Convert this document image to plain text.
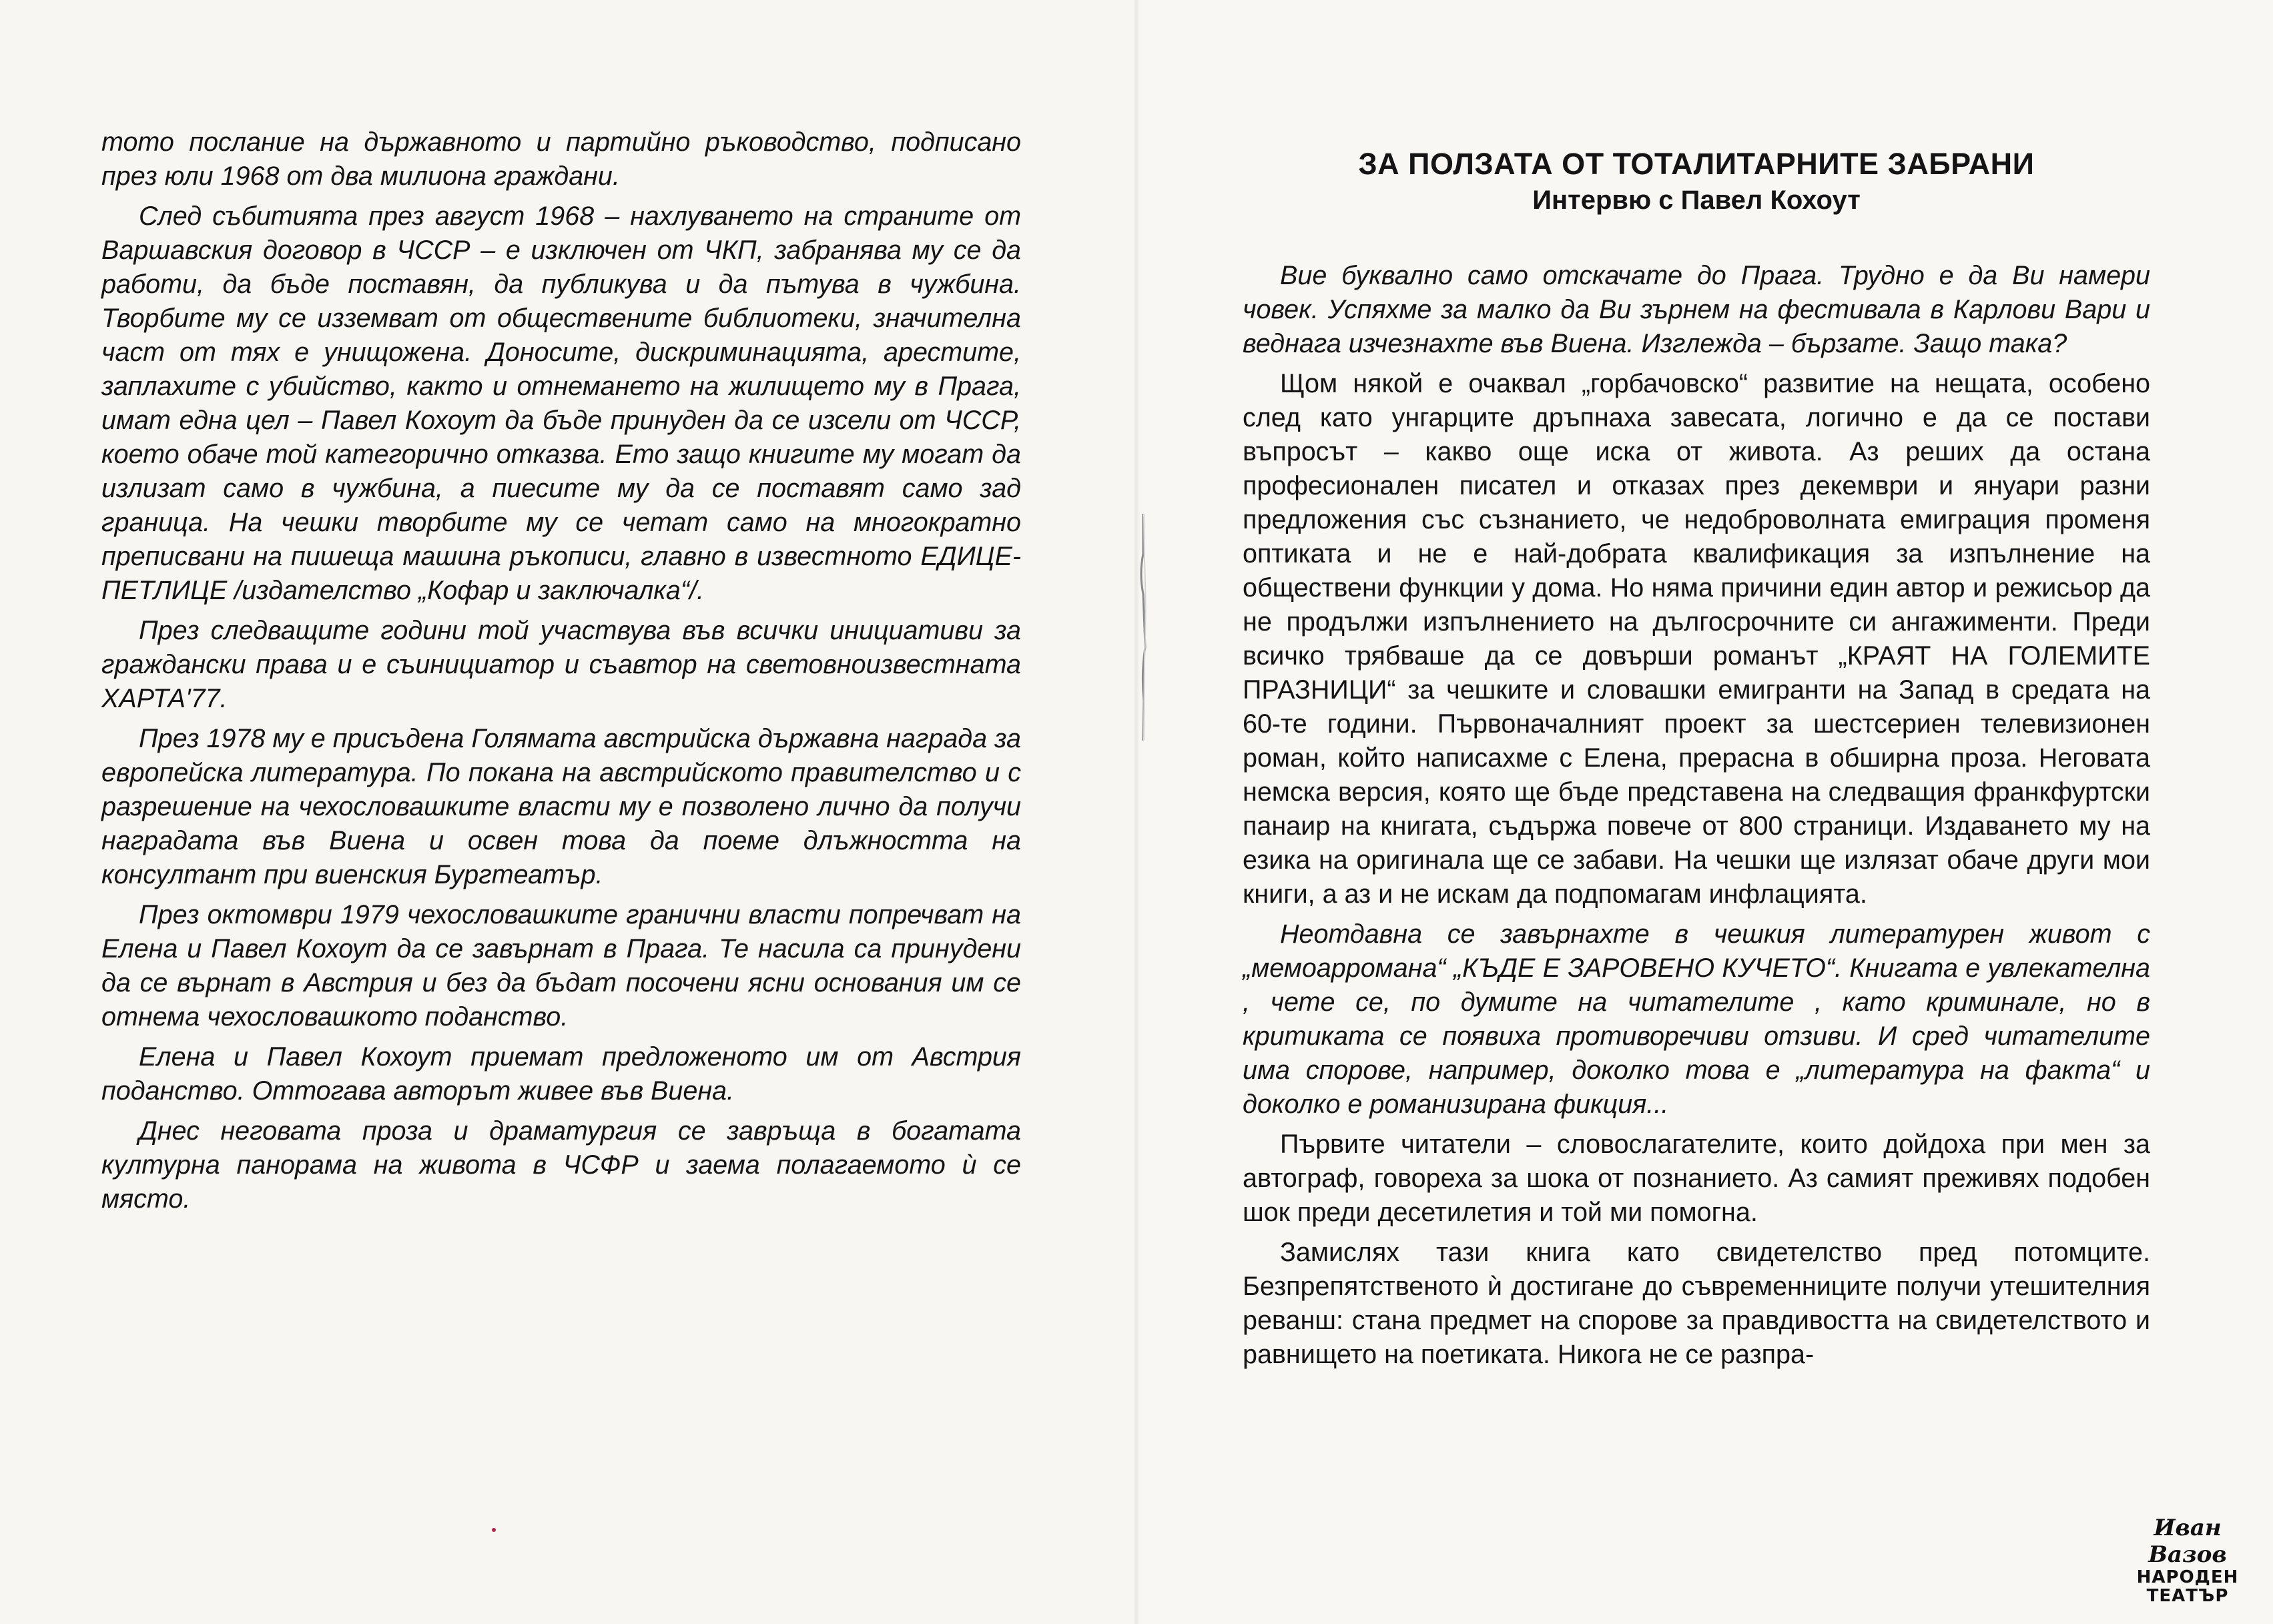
тото послание на държавното и партийно ръководство, подписано през юли 1968 от два милиона граждани.

След събитията през август 1968 – нахлуването на страните от Варшавския договор в ЧССР – е изключен от ЧКП, забранява му се да работи, да бъде поставян, да публикува и да пътува в чужбина. Творбите му се изземват от обществените библиотеки, значителна част от тях е унищожена. Доносите, дискриминацията, арестите, заплахите с убийство, както и отнемането на жилището му в Прага, имат една цел – Павел Кохоут да бъде принуден да се изсели от ЧССР, което обаче той категорично отказва. Ето защо книгите му могат да излизат само в чужбина, а пиесите му да се поставят само зад граница. На чешки творбите му се четат само на многократно преписвани на пишеща машина ръкописи, главно в известното ЕДИЦЕ-ПЕТЛИЦЕ /издателство „Кофар и заключалка“/.

През следващите години той участвува във всички инициативи за граждански права и е съинициатор и съавтор на световноизвестната ХАРТА'77.

През 1978 му е присъдена Голямата австрийска държавна награда за европейска литература. По покана на австрийското правителство и с разрешение на чехословашките власти му е позволено лично да получи наградата във Виена и освен това да поеме длъжността на консултант при виенския Бургтеатър.

През октомври 1979 чехословашките гранични власти попречват на Елена и Павел Кохоут да се завърнат в Прага. Те насила са принудени да се върнат в Австрия и без да бъдат посочени ясни основания им се отнема чехословашкото поданство.

Елена и Павел Кохоут приемат предложеното им от Австрия поданство. Оттогава авторът живее във Виена.

Днес неговата проза и драматургия се завръща в богатата културна панорама на живота в ЧСФР и заема полагаемото ѝ се място.

ЗА ПОЛЗАТА ОТ ТОТАЛИТАРНИТЕ ЗАБРАНИ
Интервю с Павел Кохоут

Вие буквално само отскачате до Прага. Трудно е да Ви намери човек. Успяхме за малко да Ви зърнем на фестивала в Карлови Вари и веднага изчезнахте във Виена. Изглежда – бързате. Защо така?

Щом някой е очаквал „горбачовско“ развитие на нещата, особено след като унгарците дръпнаха завесата, логично е да се постави въпросът – какво още иска от живота. Аз реших да остана професионален писател и отказах през декември и януари разни предложения със съзнанието, че недоброволната емиграция променя оптиката и не е най-добрата квалификация за изпълнение на обществени функции у дома. Но няма причини един автор и режисьор да не продължи изпълнението на дългосрочните си ангажименти. Преди всичко трябваше да се довърши романът „КРАЯТ НА ГОЛЕМИТЕ ПРАЗНИЦИ“ за чешките и словашки емигранти на Запад в средата на 60-те години. Първоначалният проект за шестсериен телевизионен роман, който написахме с Елена, прерасна в обширна проза. Неговата немска версия, която ще бъде представена на следващия франкфуртски панаир на книгата, съдържа повече от 800 страници. Издаването му на езика на оригинала ще се забави. На чешки ще излязат обаче други мои книги, а аз и не искам да подпомагам инфлацията.

Неотдавна се завърнахте в чешкия литературен живот с „мемоарромана“ „КЪДЕ Е ЗАРОВЕНО КУЧЕТО“. Книгата е увлекателна , чете се, по думите на читателите , като криминале, но в критиката се появиха противоречиви отзиви. И сред читателите има спорове, например, доколко това е „литература на факта“ и доколко е романизирана фикция...

Първите читатели – словослагателите, които дойдоха при мен за автограф, говореха за шока от познанието. Аз самият преживях подобен шок преди десетилетия и той ми помогна.

Замислях тази книга като свидетелство пред потомците. Безпрепятственото ѝ достигане до съвременниците получи утешителния реванш: стана предмет на спорове за правдивостта на свидетелството и равнището на поетиката. Никога не се разпра-

Иван Вазов
НАРОДЕН
ТЕАТЪР
